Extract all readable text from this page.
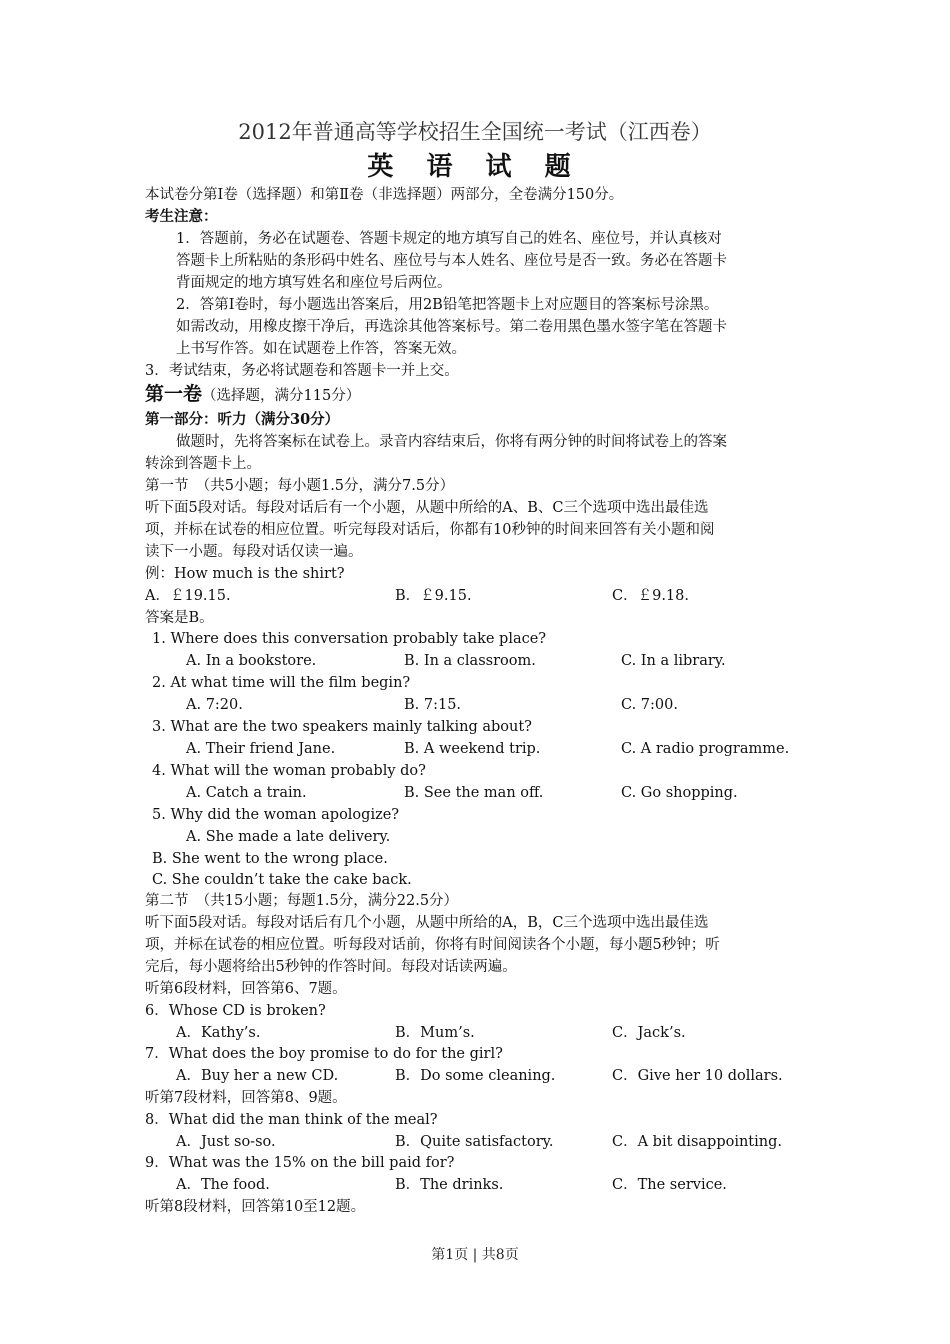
2012年普通高等学校招生全国统一考试（江西卷）
英 语 试 题
本试卷分第Ⅰ卷（选择题）和第Ⅱ卷（非选择题）两部分，全卷满分150分。
考生注意：
1．答题前，务必在试题卷、答题卡规定的地方填写自己的姓名、座位号，并认真核对
答题卡上所粘贴的条形码中姓名、座位号与本人姓名、座位号是否一致。务必在答题卡
背面规定的地方填写姓名和座位号后两位。
2．答第Ⅰ卷时，每小题选出答案后，用2B铅笔把答题卡上对应题目的答案标号涂黑。
如需改动，用橡皮擦干净后，再选涂其他答案标号。第二卷用黑色墨水签字笔在答题卡
上书写作答。如在试题卷上作答，答案无效。
3．考试结束，务必将试题卷和答题卡一并上交。
第一卷（选择题，满分115分）
第一部分：听力（满分30分）
做题时，先将答案标在试卷上。录音内容结束后，你将有两分钟的时间将试卷上的答案
转涂到答题卡上。
第一节　（共5小题；每小题1.5分，满分7.5分）
听下面5段对话。每段对话后有一个小题，从题中所给的A、B、C三个选项中选出最佳选
项，并标在试卷的相应位置。听完每段对话后，你都有10秒钟的时间来回答有关小题和阅
读下一小题。每段对话仅读一遍。
例：How much is the shirt?
A．￡19.15.	B．￡9.15.	C．￡9.18.
答案是B。
1. Where does this conversation probably take place?
A. In a bookstore.	B. In a classroom.	C. In a library.
2. At what time will the film begin?
A. 7:20.	B. 7:15.	C. 7:00.
3. What are the two speakers mainly talking about?
A. Their friend Jane.	B. A weekend trip.	C. A radio programme.
4. What will the woman probably do?
A. Catch a train.	B. See the man off.	C. Go shopping.
5. Why did the woman apologize?
A. She made a late delivery.
B. She went to the wrong place.
C. She couldn’t take the cake back.
第二节　（共15小题；每题1.5分，满分22.5分）
听下面5段对话。每段对话后有几个小题，从题中所给的A，B，C三个选项中选出最佳选
项，并标在试卷的相应位置。听每段对话前，你将有时间阅读各个小题，每小题5秒钟；听
完后，每小题将给出5秒钟的作答时间。每段对话读两遍。
听第6段材料，回答第6、7题。
6．Whose CD is broken?
A．Kathy’s.	B．Mum’s.	C．Jack’s.
7．What does the boy promise to do for the girl?
A．Buy her a new CD.	B．Do some cleaning.	C．Give her 10 dollars.
听第7段材料，回答第8、9题。
8．What did the man think of the meal?
A．Just so-so.	B．Quite satisfactory.	C．A bit disappointing.
9．What was the 15% on the bill paid for?
A．The food.	B．The drinks.	C．The service.
听第8段材料，回答第10至12题。
第1页 | 共8页
